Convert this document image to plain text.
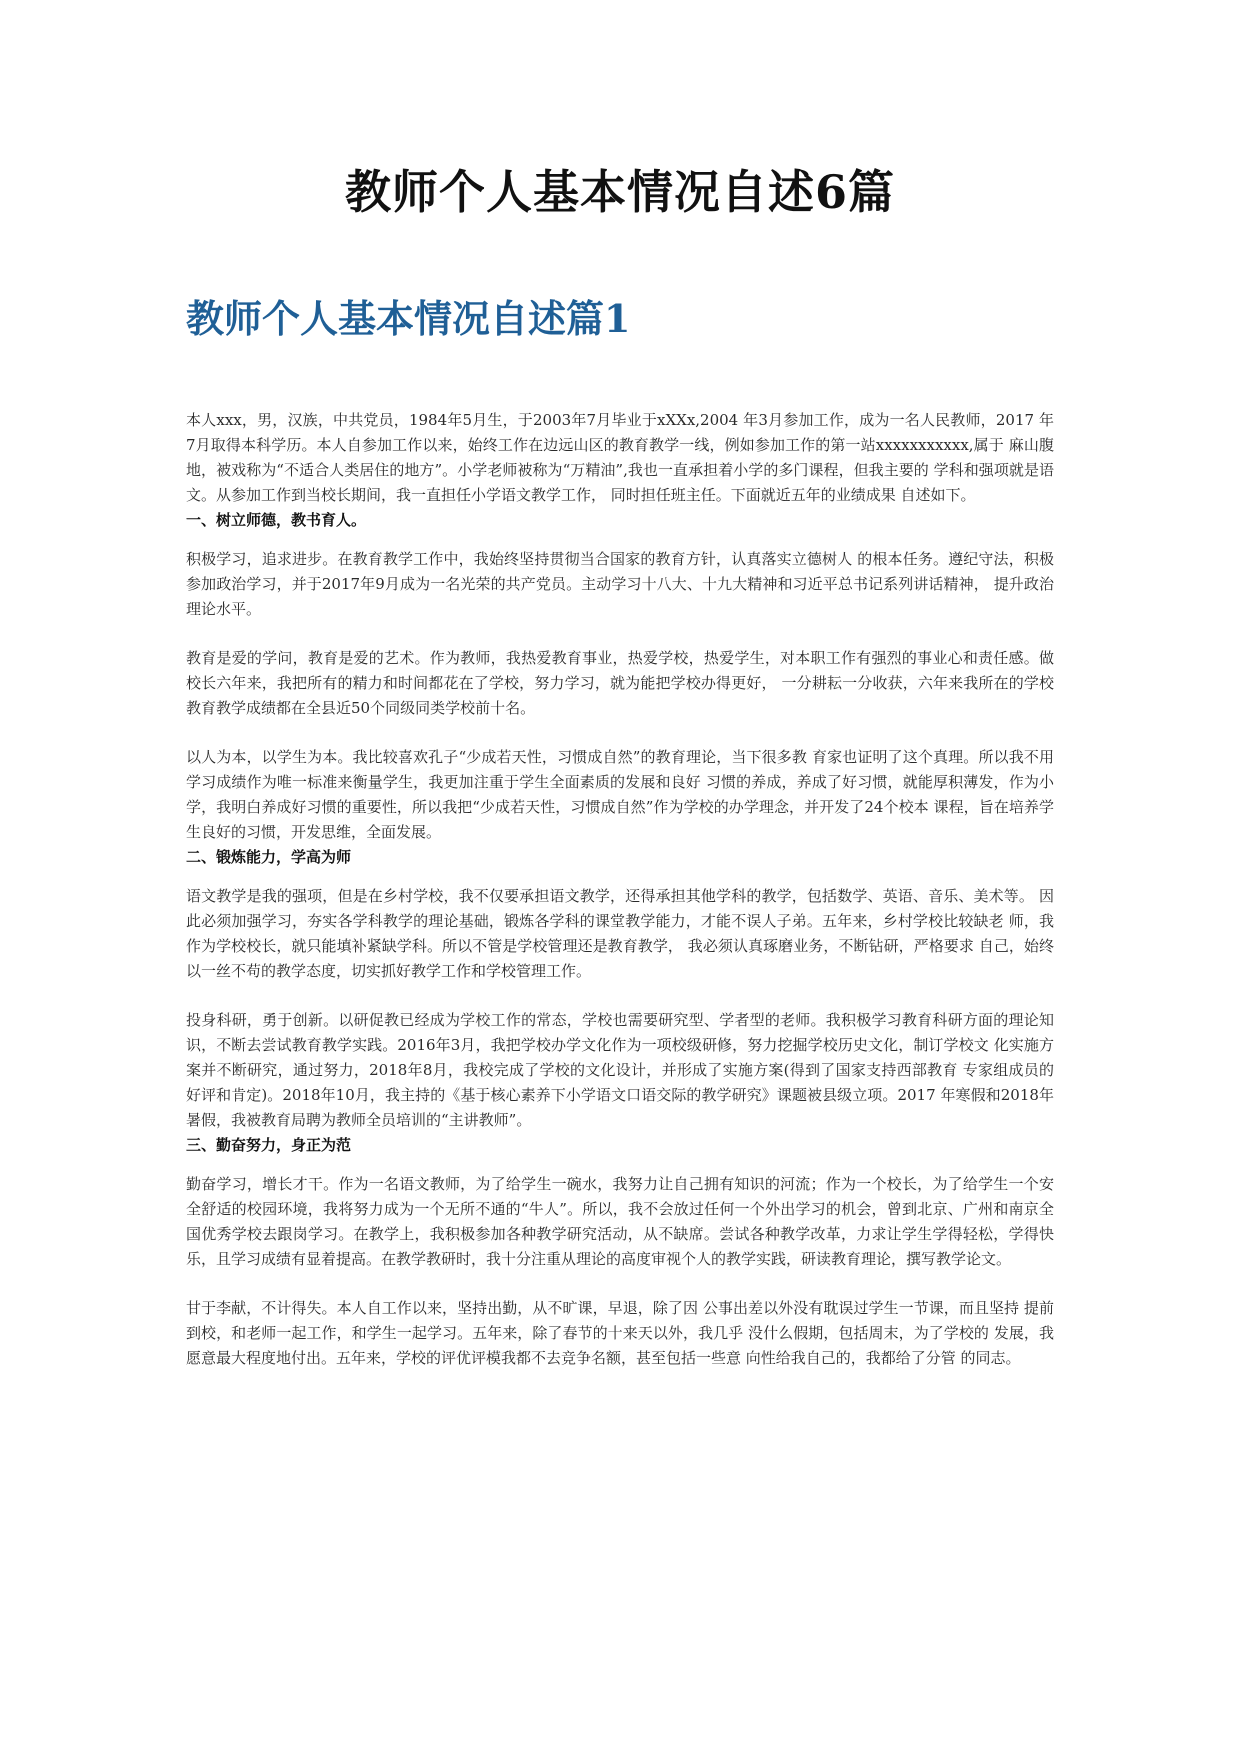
教师个人基本情况自述6篇
教师个人基本情况自述篇1

本人xxx，男，汉族，中共党员，1984年5月生，于2003年7月毕业于xXXx,2004 年3月参加工作，成为一名人民教师，2017 年7月取得本科学历。本人自参加工作以来，始终工作在边远山区的教育教学一线，例如参加工作的第一站xxxxxxxxxxx,属于 麻山腹地，被戏称为“不适合人类居住的地方”。小学老师被称为“万精油”,我也一直承担着小学的多门课程，但我主要的 学科和强项就是语文。从参加工作到当校长期间，我一直担任小学语文教学工作， 同时担任班主任。下面就近五年的业绩成果 自述如下。

一、树立师德，教书育人。

积极学习，追求进步。在教育教学工作中，我始终坚持贯彻当合国家的教育方针，认真落实立德树人 的根本任务。遵纪守法，积极参加政治学习，并于2017年9月成为一名光荣的共产党员。主动学习十八大、十九大精神和习近平总书记系列讲话精神， 提升政治理论水平。

教育是爱的学问，教育是爱的艺术。作为教师，我热爱教育事业，热爱学校，热爱学生，对本职工作有强烈的事业心和责任感。做校长六年来，我把所有的精力和时间都花在了学校，努力学习，就为能把学校办得更好， 一分耕耘一分收获，六年来我所在的学校教育教学成绩都在全县近50个同级同类学校前十名。

以人为本，以学生为本。我比较喜欢孔子“少成若天性，习惯成自然”的教育理论，当下很多教 育家也证明了这个真理。所以我不用学习成绩作为唯一标准来衡量学生，我更加注重于学生全面素质的发展和良好 习惯的养成，养成了好习惯，就能厚积薄发，作为小学，我明白养成好习惯的重要性，所以我把“少成若天性，习惯成自然”作为学校的办学理念，并开发了24个校本 课程，旨在培养学生良好的习惯，开发思维，全面发展。

二、锻炼能力，学高为师

语文教学是我的强项，但是在乡村学校，我不仅要承担语文教学，还得承担其他学科的教学，包括数学、英语、音乐、美术等。 因此必须加强学习，夯实各学科教学的理论基础，锻炼各学科的课堂教学能力，才能不误人子弟。五年来，乡村学校比较缺老 师，我作为学校校长，就只能填补紧缺学科。所以不管是学校管理还是教育教学， 我必须认真琢磨业务，不断钻研，严格要求 自己，始终以一丝不苟的教学态度，切实抓好教学工作和学校管理工作。

投身科研，勇于创新。以研促教已经成为学校工作的常态，学校也需要研究型、学者型的老师。我积极学习教育科研方面的理论知识，不断去尝试教育教学实践。2016年3月，我把学校办学文化作为一项校级研修，努力挖掘学校历史文化，制订学校文 化实施方案并不断研究，通过努力，2018年8月，我校完成了学校的文化设计，并形成了实施方案(得到了国家支持西部教育 专家组成员的好评和肯定)。2018年10月，我主持的《基于核心素养下小学语文口语交际的教学研究》课题被县级立项。2017 年寒假和2018年暑假，我被教育局聘为教师全员培训的“主讲教师”。

三、勤奋努力，身正为范

勤奋学习，增长才干。作为一名语文教师，为了给学生一碗水，我努力让自己拥有知识的河流；作为一个校长，为了给学生一个安全舒适的校园环境，我将努力成为一个无所不通的“牛人”。所以，我不会放过任何一个外出学习的机会，曾到北京、广州和南京全国优秀学校去跟岗学习。在教学上，我积极参加各种教学研究活动，从不缺席。尝试各种教学改革，力求让学生学得轻松，学得快乐，且学习成绩有显着提高。在教学教研时，我十分注重从理论的高度审视个人的教学实践，研读教育理论，撰写教学论文。

甘于李献，不计得失。本人自工作以来，坚持出勤，从不旷课，早退，除了因 公事出差以外没有耽误过学生一节课，而且坚持 提前到校，和老师一起工作，和学生一起学习。五年来，除了春节的十来天以外，我几乎 没什么假期，包括周末，为了学校的 发展，我愿意最大程度地付出。五年来，学校的评优评模我都不去竞争名额，甚至包括一些意 向性给我自己的，我都给了分管 的同志。
